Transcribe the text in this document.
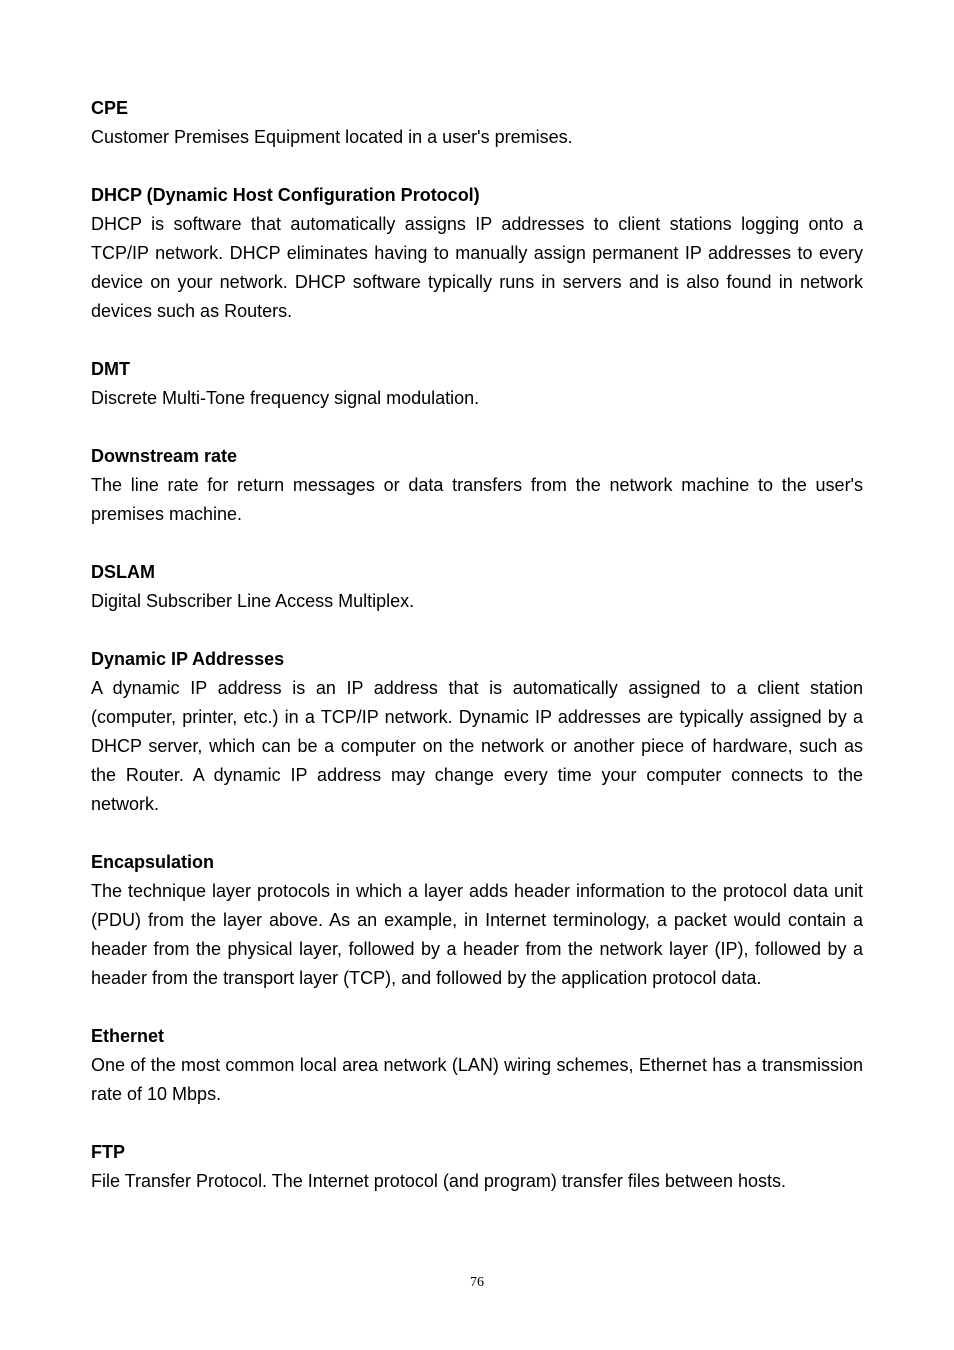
CPE

Customer Premises Equipment located in a user's premises.

DHCP (Dynamic Host Configuration Protocol)

DHCP is software that automatically assigns IP addresses to client stations logging onto a TCP/IP network. DHCP eliminates having to manually assign permanent IP addresses to every device on your network. DHCP software typically runs in servers and is also found in network devices such as Routers.

DMT

Discrete Multi-Tone frequency signal modulation.

Downstream rate

The line rate for return messages or data transfers from the network machine to the user's premises machine.

DSLAM

Digital Subscriber Line Access Multiplex.

Dynamic IP Addresses

A dynamic IP address is an IP address that is automatically assigned to a client station (computer, printer, etc.) in a TCP/IP network. Dynamic IP addresses are typically assigned by a DHCP server, which can be a computer on the network or another piece of hardware, such as the Router. A dynamic IP address may change every time your computer connects to the network.

Encapsulation

The technique layer protocols in which a layer adds header information to the protocol data unit (PDU) from the layer above. As an example, in Internet terminology, a packet would contain a header from the physical layer, followed by a header from the network layer (IP), followed by a header from the transport layer (TCP), and followed by the application protocol data.

Ethernet

One of the most common local area network (LAN) wiring schemes, Ethernet has a transmission rate of 10 Mbps.

FTP

File Transfer Protocol. The Internet protocol (and program) transfer files between hosts.

76
